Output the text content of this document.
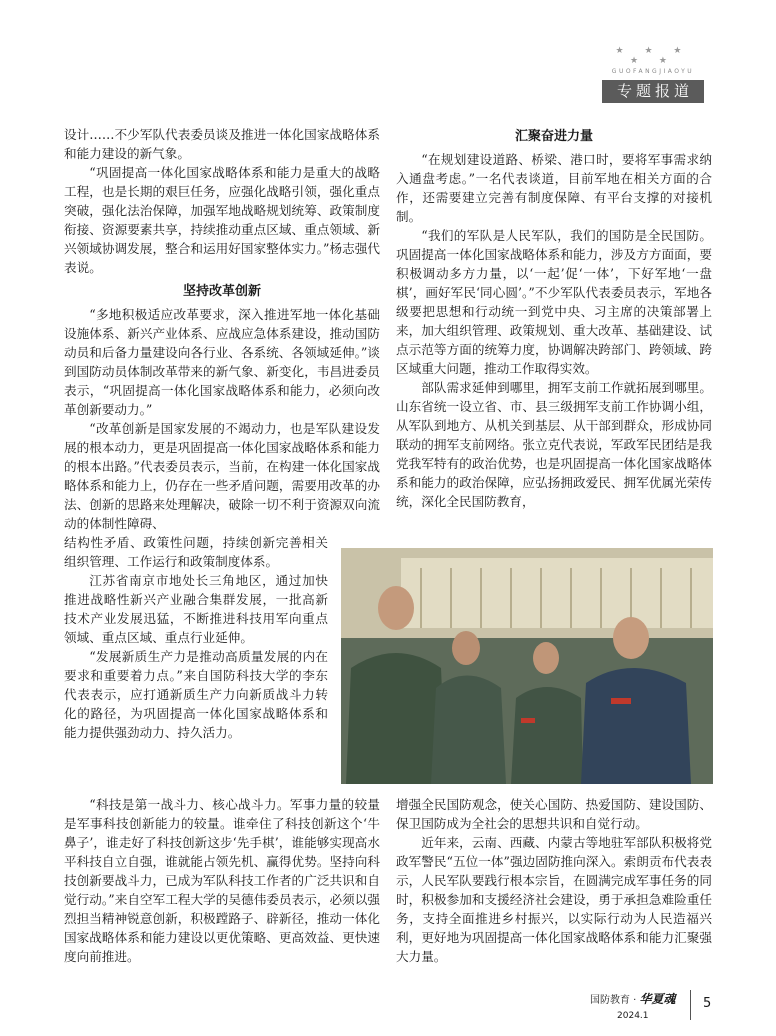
★ ★ ★ ★ ★
GUOFANGJIAOYU
专题报道

设计……不少军队代表委员谈及推进一体化国家战略体系和能力建设的新气象。

“巩固提高一体化国家战略体系和能力是重大的战略工程，也是长期的艰巨任务，应强化战略引领，强化重点突破，强化法治保障，加强军地战略规划统筹、政策制度衔接、资源要素共享，持续推动重点区域、重点领域、新兴领域协调发展，整合和运用好国家整体实力。”杨志强代表说。

坚持改革创新

“多地积极适应改革要求，深入推进军地一体化基础设施体系、新兴产业体系、应战应急体系建设，推动国防动员和后备力量建设向各行业、各系统、各领域延伸。”谈到国防动员体制改革带来的新气象、新变化，韦昌进委员表示，“巩固提高一体化国家战略体系和能力，必须向改革创新要动力。”

“改革创新是国家发展的不竭动力，也是军队建设发展的根本动力，更是巩固提高一体化国家战略体系和能力的根本出路。”代表委员表示，当前，在构建一体化国家战略体系和能力上，仍存在一些矛盾问题，需要用改革的办法、创新的思路来处理解决，破除一切不利于资源双向流动的体制性障碍、

结构性矛盾、政策性问题，持续创新完善相关组织管理、工作运行和政策制度体系。

江苏省南京市地处长三角地区，通过加快推进战略性新兴产业融合集群发展，一批高新技术产业发展迅猛，不断推进科技用军向重点领域、重点区域、重点行业延伸。

“发展新质生产力是推动高质量发展的内在要求和重要着力点。”来自国防科技大学的李东代表表示，应打通新质生产力向新质战斗力转化的路径，为巩固提高一体化国家战略体系和能力提供强劲动力、持久活力。

“科技是第一战斗力、核心战斗力。军事力量的较量是军事科技创新能力的较量。谁牵住了科技创新这个‘牛鼻子’，谁走好了科技创新这步‘先手棋’，谁能够实现高水平科技自立自强，谁就能占领先机、赢得优势。坚持向科技创新要战斗力，已成为军队科技工作者的广泛共识和自觉行动。”来自空军工程大学的吴德伟委员表示，必须以强烈担当精神锐意创新，积极蹚路子、辟新径，推动一体化国家战略体系和能力建设以更优策略、更高效益、更快速度向前推进。

汇聚奋进力量

“在规划建设道路、桥梁、港口时，要将军事需求纳入通盘考虑。”一名代表谈道，目前军地在相关方面的合作，还需要建立完善有制度保障、有平台支撑的对接机制。

“我们的军队是人民军队，我们的国防是全民国防。巩固提高一体化国家战略体系和能力，涉及方方面面，要积极调动多方力量，以‘一起’促‘一体’，下好军地‘一盘棋’，画好军民‘同心圆’。”不少军队代表委员表示，军地各级要把思想和行动统一到党中央、习主席的决策部署上来，加大组织管理、政策规划、重大改革、基础建设、试点示范等方面的统筹力度，协调解决跨部门、跨领域、跨区域重大问题，推动工作取得实效。

部队需求延伸到哪里，拥军支前工作就拓展到哪里。山东省统一设立省、市、县三级拥军支前工作协调小组，从军队到地方、从机关到基层、从干部到群众，形成协同联动的拥军支前网络。张立克代表说，军政军民团结是我党我军特有的政治优势，也是巩固提高一体化国家战略体系和能力的政治保障，应弘扬拥政爱民、拥军优属光荣传统，深化全民国防教育，

增强全民国防观念，使关心国防、热爱国防、建设国防、保卫国防成为全社会的思想共识和自觉行动。

近年来，云南、西藏、内蒙古等地驻军部队积极将党政军警民“五位一体”强边固防推向深入。索朗贡布代表表示，人民军队要践行根本宗旨，在圆满完成军事任务的同时，积极参加和支援经济社会建设，勇于承担急难险重任务，支持全面推进乡村振兴，以实际行动为人民造福兴利，更好地为巩固提高一体化国家战略体系和能力汇聚强大力量。

国防教育 · 华夏魂
2024.1
5
